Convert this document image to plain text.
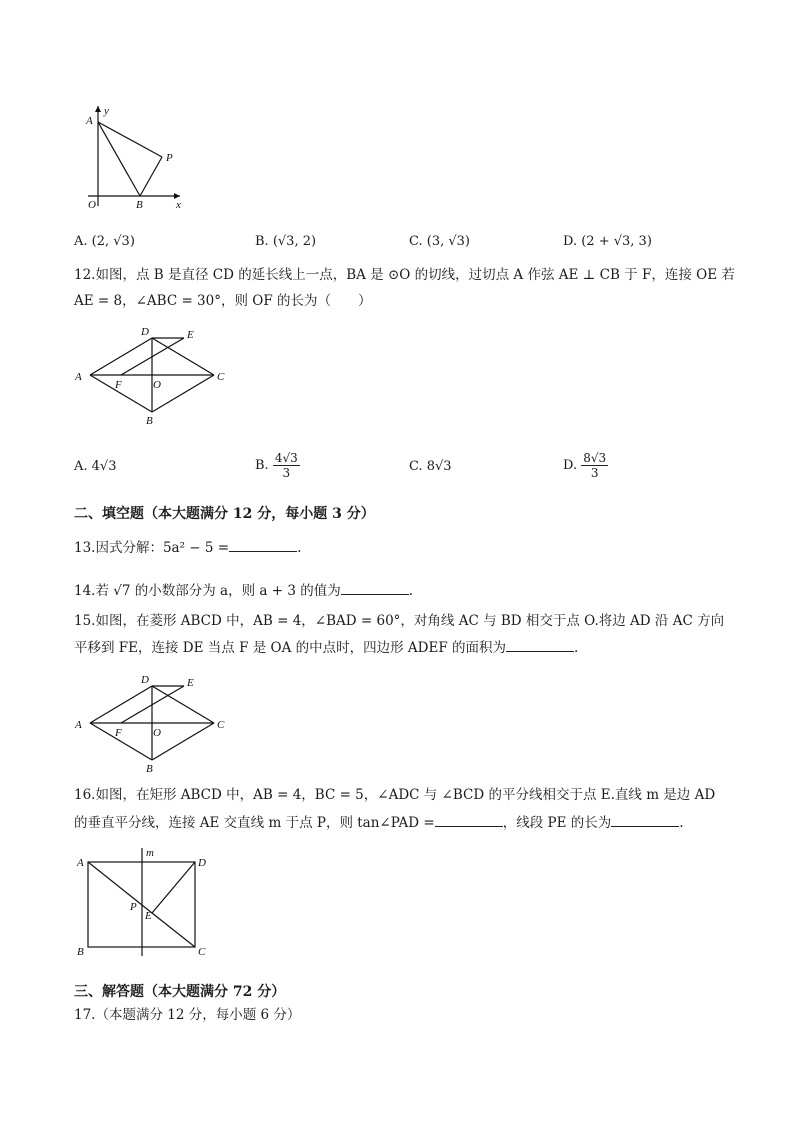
A
y
P
O	B	x
A. (2, √3)	B. (√3, 2)	C. (3, √3)	D. (2 + √3, 3)
12.如图，点 B 是直径 CD 的延长线上一点，BA 是 ⊙O 的切线，过切点 A 作弦 AE ⊥ CB 于 F，连接 OE 若
AE = 8，∠ABC = 30°，则 OF 的长为（　　）
A
D	E
C
F	O
B
A. 4√3	B. $\frac{4√3}{3}$	C. 8√3	D. $\frac{8√3}{3}$
二、填空题（本大题满分 12 分，每小题 3 分）
13.因式分解：5a² − 5 =	.
14.若 √7 的小数部分为 a，则 a + 3 的值为	.
15.如图，在菱形 ABCD 中，AB = 4，∠BAD = 60°，对角线 AC 与 BD 相交于点 O.将边 AD 沿 AC 方向
平移到 FE，连接 DE 当点 F 是 OA 的中点时，四边形 ADEF 的面积为	.
A
D	E
C
F	O
B
16.如图，在矩形 ABCD 中，AB = 4，BC = 5，∠ADC 与 ∠BCD 的平分线相交于点 E.直线 m 是边 AD
的垂直平分线，连接 AE 交直线 m 于点 P，则 tan∠PAD =	，线段 PE 的长为	.
A
m
D
P
E
B	C
三、解答题（本大题满分 72 分）
17.（本题满分 12 分，每小题 6 分）
